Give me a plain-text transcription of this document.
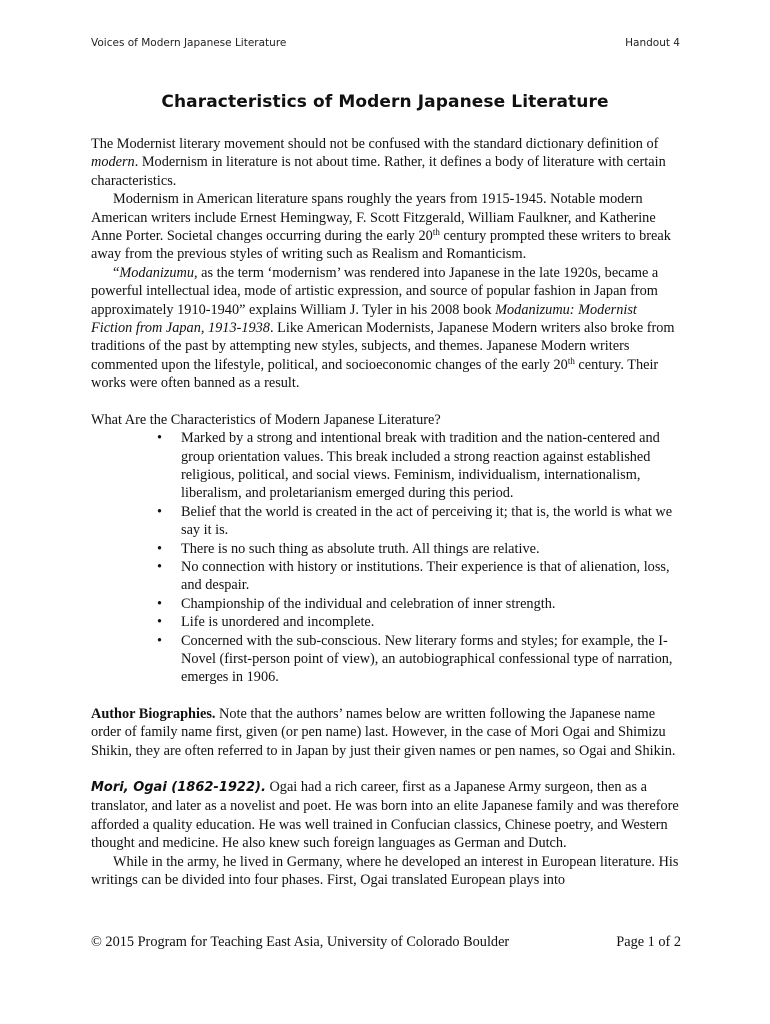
Voices of Modern Japanese Literature	Handout 4
Characteristics of Modern Japanese Literature

The Modernist literary movement should not be confused with the standard dictionary definition of modern. Modernism in literature is not about time. Rather, it defines a body of literature with certain characteristics.

Modernism in American literature spans roughly the years from 1915-1945. Notable modern American writers include Ernest Hemingway, F. Scott Fitzgerald, William Faulkner, and Katherine Anne Porter. Societal changes occurring during the early 20th century prompted these writers to break away from the previous styles of writing such as Realism and Romanticism.

“Modanizumu, as the term ‘modernism’ was rendered into Japanese in the late 1920s, became a powerful intellectual idea, mode of artistic expression, and source of popular fashion in Japan from approximately 1910-1940” explains William J. Tyler in his 2008 book Modanizumu: Modernist Fiction from Japan, 1913-1938. Like American Modernists, Japanese Modern writers also broke from traditions of the past by attempting new styles, subjects, and themes. Japanese Modern writers commented upon the lifestyle, political, and socioeconomic changes of the early 20th century. Their works were often banned as a result.

What Are the Characteristics of Modern Japanese Literature?

• Marked by a strong and intentional break with tradition and the nation-centered and group orientation values. This break included a strong reaction against established religious, political, and social views. Feminism, individualism, internationalism, liberalism, and proletarianism emerged during this period.
• Belief that the world is created in the act of perceiving it; that is, the world is what we say it is.
• There is no such thing as absolute truth. All things are relative.
• No connection with history or institutions. Their experience is that of alienation, loss, and despair.
• Championship of the individual and celebration of inner strength.
• Life is unordered and incomplete.
• Concerned with the sub-conscious. New literary forms and styles; for example, the I-Novel (first-person point of view), an autobiographical confessional type of narration, emerges in 1906.

Author Biographies. Note that the authors’ names below are written following the Japanese name order of family name first, given (or pen name) last. However, in the case of Mori Ogai and Shimizu Shikin, they are often referred to in Japan by just their given names or pen names, so Ogai and Shikin.

Mori, Ogai (1862-1922). Ogai had a rich career, first as a Japanese Army surgeon, then as a translator, and later as a novelist and poet. He was born into an elite Japanese family and was therefore afforded a quality education. He was well trained in Confucian classics, Chinese poetry, and Western thought and medicine. He also knew such foreign languages as German and Dutch.

While in the army, he lived in Germany, where he developed an interest in European literature. His writings can be divided into four phases. First, Ogai translated European plays into

© 2015 Program for Teaching East Asia, University of Colorado Boulder	Page 1 of 2
